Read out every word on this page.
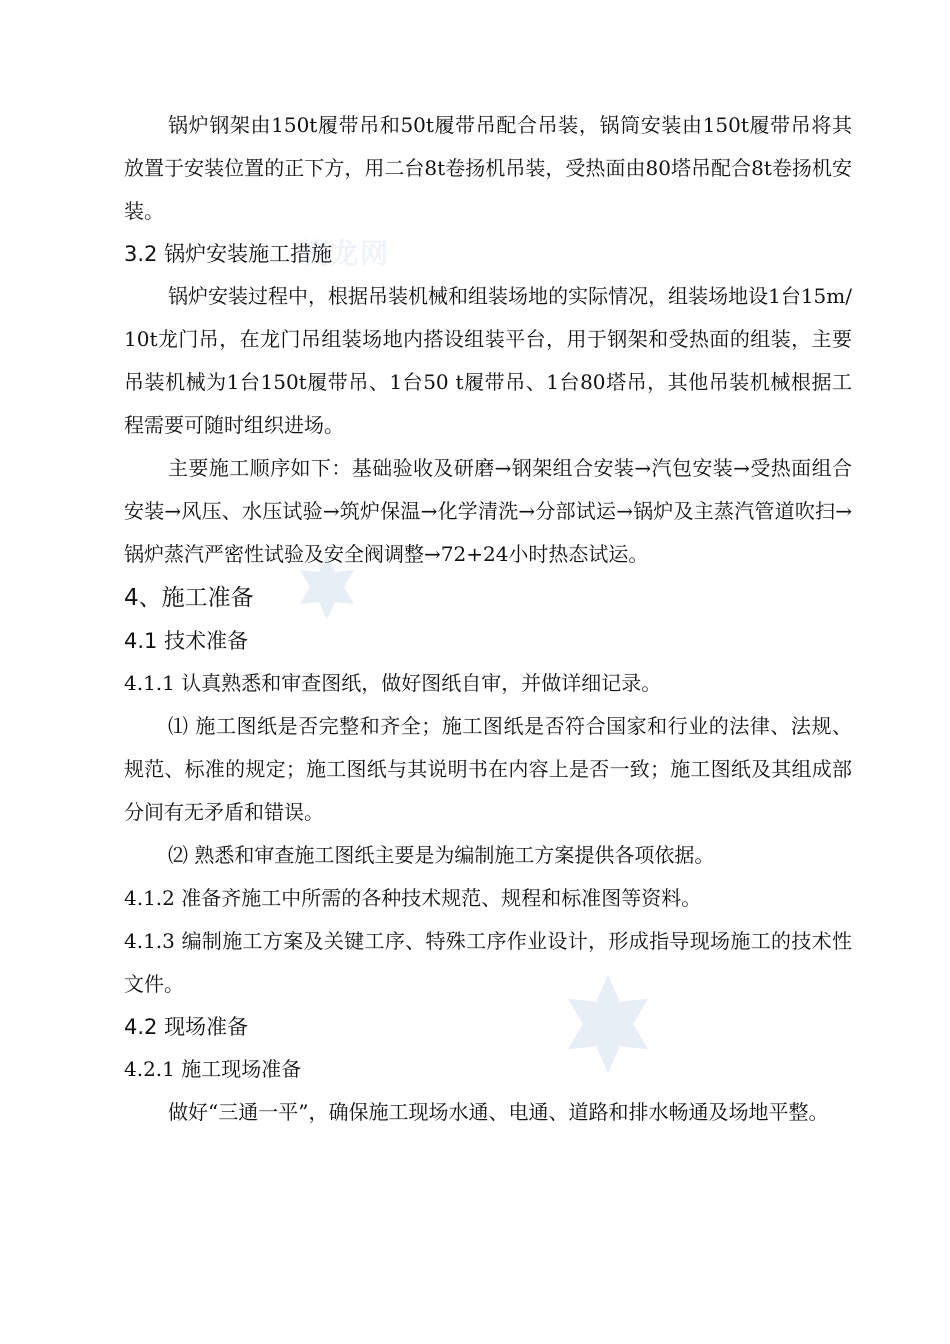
筑龙网

锅炉钢架由150t履带吊和50t履带吊配合吊装，锅筒安装由150t履带吊将其放置于安装位置的正下方，用二台8t卷扬机吊装，受热面由80塔吊配合8t卷扬机安装。

3.2 锅炉安装施工措施

锅炉安装过程中，根据吊装机械和组装场地的实际情况，组装场地设1台15m/10t龙门吊，在龙门吊组装场地内搭设组装平台，用于钢架和受热面的组装，主要吊装机械为1台150t履带吊、1台50 t履带吊、1台80塔吊，其他吊装机械根据工程需要可随时组织进场。

主要施工顺序如下：基础验收及研磨→钢架组合安装→汽包安装→受热面组合安装→风压、水压试验→筑炉保温→化学清洗→分部试运→锅炉及主蒸汽管道吹扫→锅炉蒸汽严密性试验及安全阀调整→72+24小时热态试运。

4、施工准备

4.1 技术准备

4.1.1 认真熟悉和审查图纸，做好图纸自审，并做详细记录。

⑴ 施工图纸是否完整和齐全；施工图纸是否符合国家和行业的法律、法规、规范、标准的规定；施工图纸与其说明书在内容上是否一致；施工图纸及其组成部分间有无矛盾和错误。

⑵ 熟悉和审查施工图纸主要是为编制施工方案提供各项依据。

4.1.2 准备齐施工中所需的各种技术规范、规程和标准图等资料。

4.1.3 编制施工方案及关键工序、特殊工序作业设计，形成指导现场施工的技术性文件。

4.2 现场准备

4.2.1 施工现场准备

做好“三通一平”，确保施工现场水通、电通、道路和排水畅通及场地平整。
